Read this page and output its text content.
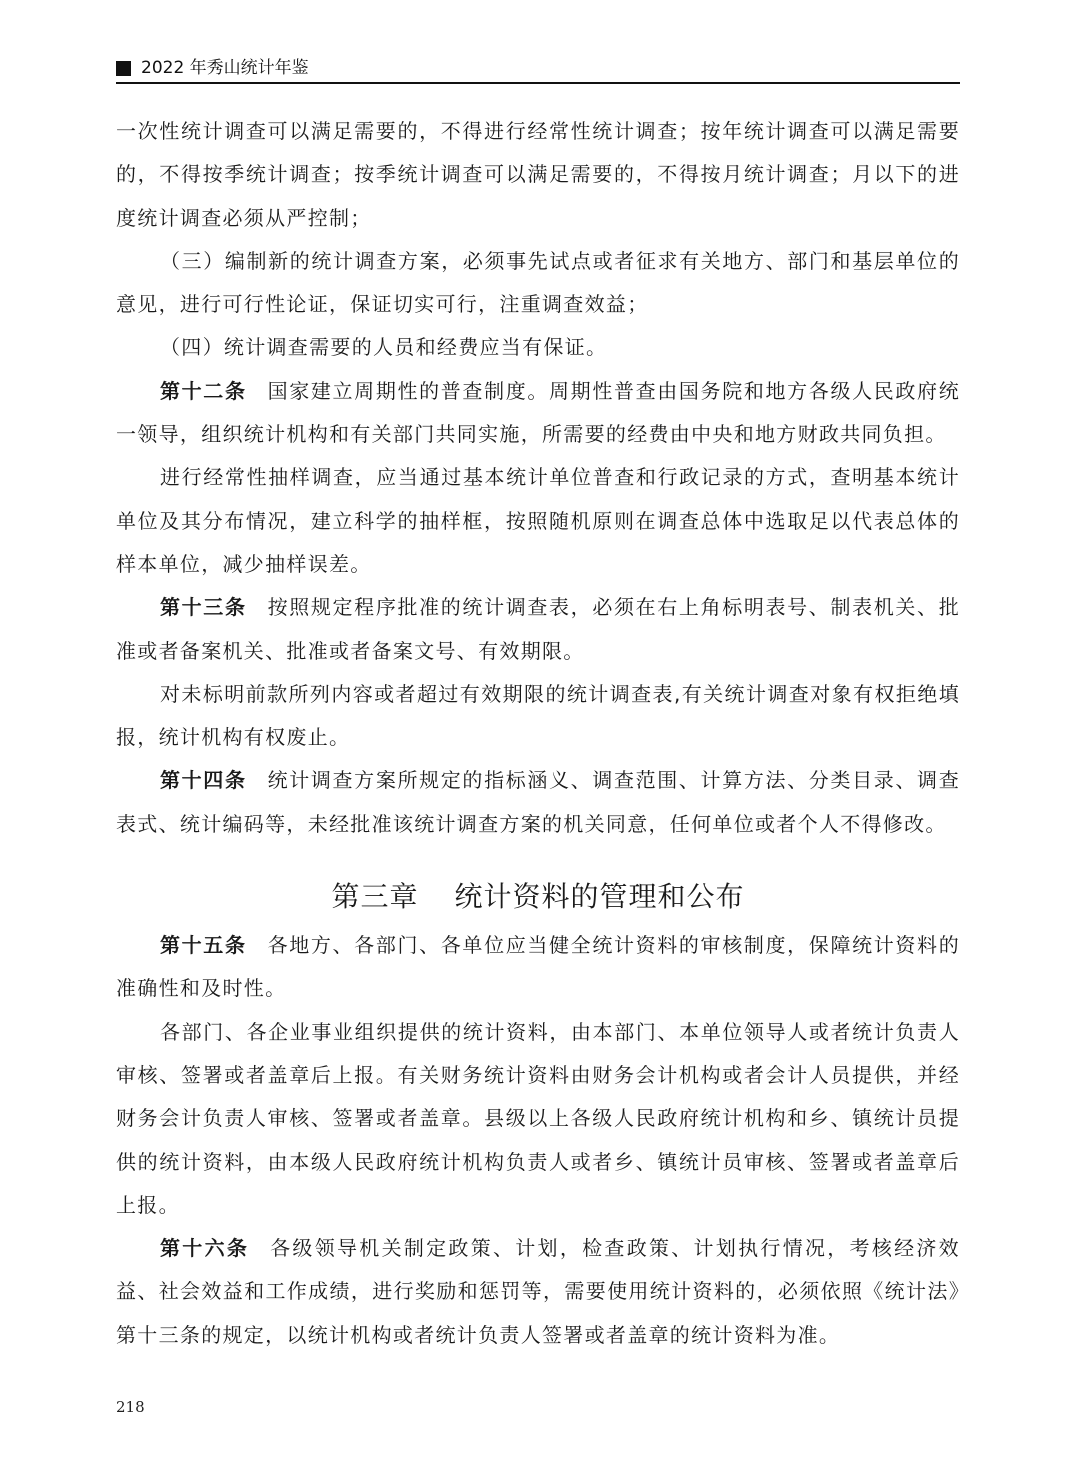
2022 年秀山统计年鉴

一次性统计调查可以满足需要的，不得进行经常性统计调查；按年统计调查可以满足需要的，不得按季统计调查；按季统计调查可以满足需要的，不得按月统计调查；月以下的进度统计调查必须从严控制；

（三）编制新的统计调查方案，必须事先试点或者征求有关地方、部门和基层单位的意见，进行可行性论证，保证切实可行，注重调查效益；

（四）统计调查需要的人员和经费应当有保证。

第十二条 国家建立周期性的普查制度。周期性普查由国务院和地方各级人民政府统一领导，组织统计机构和有关部门共同实施，所需要的经费由中央和地方财政共同负担。

进行经常性抽样调查，应当通过基本统计单位普查和行政记录的方式，查明基本统计单位及其分布情况，建立科学的抽样框，按照随机原则在调查总体中选取足以代表总体的样本单位，减少抽样误差。

第十三条 按照规定程序批准的统计调查表，必须在右上角标明表号、制表机关、批准或者备案机关、批准或者备案文号、有效期限。

对未标明前款所列内容或者超过有效期限的统计调查表,有关统计调查对象有权拒绝填报，统计机构有权废止。

第十四条 统计调查方案所规定的指标涵义、调查范围、计算方法、分类目录、调查表式、统计编码等，未经批准该统计调查方案的机关同意，任何单位或者个人不得修改。

第三章 统计资料的管理和公布

第十五条 各地方、各部门、各单位应当健全统计资料的审核制度，保障统计资料的准确性和及时性。

各部门、各企业事业组织提供的统计资料，由本部门、本单位领导人或者统计负责人审核、签署或者盖章后上报。有关财务统计资料由财务会计机构或者会计人员提供，并经财务会计负责人审核、签署或者盖章。县级以上各级人民政府统计机构和乡、镇统计员提供的统计资料，由本级人民政府统计机构负责人或者乡、镇统计员审核、签署或者盖章后上报。

第十六条 各级领导机关制定政策、计划，检查政策、计划执行情况，考核经济效益、社会效益和工作成绩，进行奖励和惩罚等，需要使用统计资料的，必须依照《统计法》第十三条的规定，以统计机构或者统计负责人签署或者盖章的统计资料为准。

218
